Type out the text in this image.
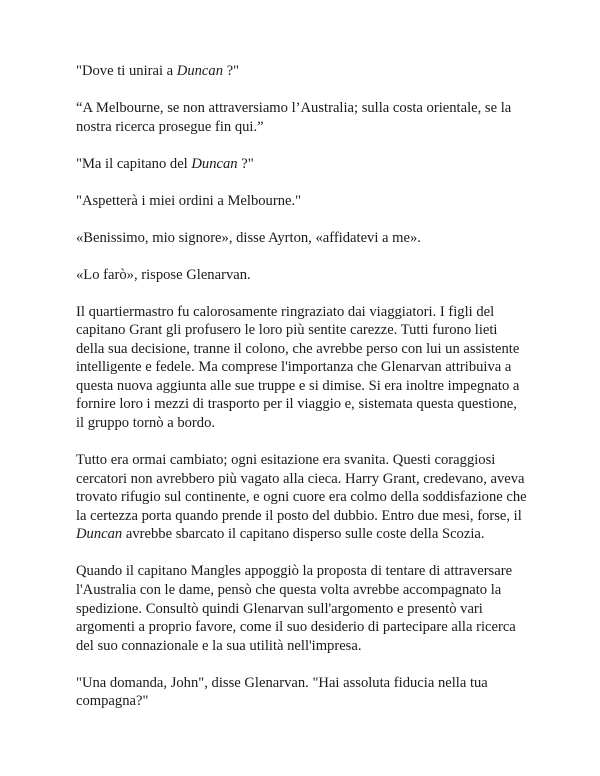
"Dove ti unirai a Duncan ?"

“A Melbourne, se non attraversiamo l’Australia; sulla costa orientale, se la nostra ricerca prosegue fin qui.”

"Ma il capitano del Duncan ?"

"Aspetterà i miei ordini a Melbourne."

«Benissimo, mio signore», disse Ayrton, «affidatevi a me».

«Lo farò», rispose Glenarvan.

Il quartiermastro fu calorosamente ringraziato dai viaggiatori. I figli del capitano Grant gli profusero le loro più sentite carezze. Tutti furono lieti della sua decisione, tranne il colono, che avrebbe perso con lui un assistente intelligente e fedele. Ma comprese l'importanza che Glenarvan attribuiva a questa nuova aggiunta alle sue truppe e si dimise. Si era inoltre impegnato a fornire loro i mezzi di trasporto per il viaggio e, sistemata questa questione, il gruppo tornò a bordo.

Tutto era ormai cambiato; ogni esitazione era svanita. Questi coraggiosi cercatori non avrebbero più vagato alla cieca. Harry Grant, credevano, aveva trovato rifugio sul continente, e ogni cuore era colmo della soddisfazione che la certezza porta quando prende il posto del dubbio. Entro due mesi, forse, il Duncan avrebbe sbarcato il capitano disperso sulle coste della Scozia.

Quando il capitano Mangles appoggiò la proposta di tentare di attraversare l'Australia con le dame, pensò che questa volta avrebbe accompagnato la spedizione. Consultò quindi Glenarvan sull'argomento e presentò vari argomenti a proprio favore, come il suo desiderio di partecipare alla ricerca del suo connazionale e la sua utilità nell'impresa.

"Una domanda, John", disse Glenarvan. "Hai assoluta fiducia nella tua compagna?"
